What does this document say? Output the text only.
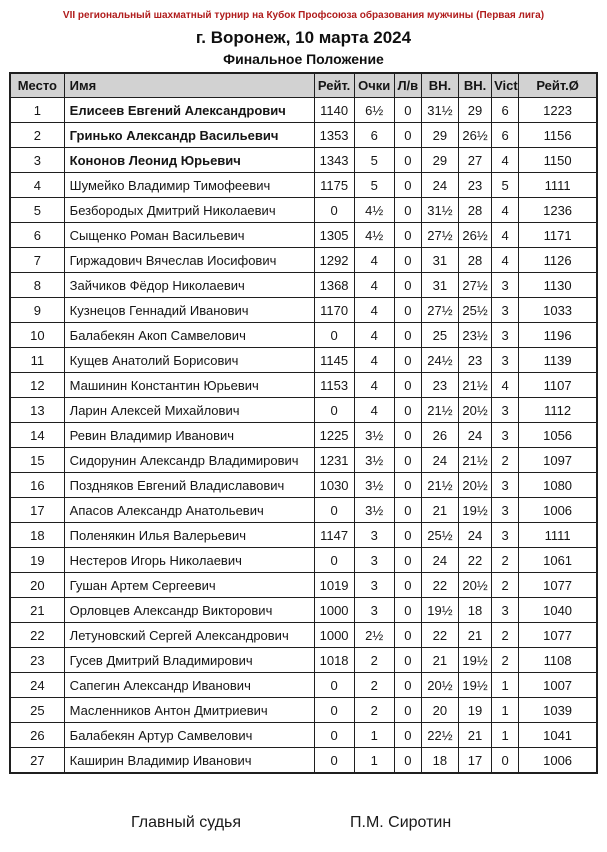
VII региональный шахматный турнир на Кубок Профсоюза образования мужчины (Первая лига)
г. Воронеж, 10 марта 2024
Финальное Положение
Место	Имя	Рейт.	Очки	Л/в	ВН.	ВН.	Vict	Рейт.Ø
1	Елисеев Евгений Александрович	1140	6½	0	31½	29	6	1223
2	Гринько Александр Васильевич	1353	6	0	29	26½	6	1156
3	Кононов Леонид Юрьевич	1343	5	0	29	27	4	1150
4	Шумейко Владимир Тимофеевич	1175	5	0	24	23	5	1111
5	Безбородых Дмитрий Николаевич	0	4½	0	31½	28	4	1236
6	Сыщенко Роман Васильевич	1305	4½	0	27½	26½	4	1171
7	Гиржадович Вячеслав Иосифович	1292	4	0	31	28	4	1126
8	Зайчиков Фёдор Николаевич	1368	4	0	31	27½	3	1130
9	Кузнецов Геннадий Иванович	1170	4	0	27½	25½	3	1033
10	Балабекян Акоп Самвелович	0	4	0	25	23½	3	1196
11	Кущев Анатолий Борисович	1145	4	0	24½	23	3	1139
12	Машинин Константин Юрьевич	1153	4	0	23	21½	4	1107
13	Ларин Алексей Михайлович	0	4	0	21½	20½	3	1112
14	Ревин Владимир Иванович	1225	3½	0	26	24	3	1056
15	Сидорунин Александр Владимирович	1231	3½	0	24	21½	2	1097
16	Поздняков Евгений Владиславович	1030	3½	0	21½	20½	3	1080
17	Апасов Александр Анатольевич	0	3½	0	21	19½	3	1006
18	Поленякин Илья Валерьевич	1147	3	0	25½	24	3	1111
19	Нестеров Игорь Николаевич	0	3	0	24	22	2	1061
20	Гушан Артем Сергеевич	1019	3	0	22	20½	2	1077
21	Орловцев Александр Викторович	1000	3	0	19½	18	3	1040
22	Летуновский Сергей Александрович	1000	2½	0	22	21	2	1077
23	Гусев Дмитрий Владимирович	1018	2	0	21	19½	2	1108
24	Сапегин Александр Иванович	0	2	0	20½	19½	1	1007
25	Масленников Антон Дмитриевич	0	2	0	20	19	1	1039
26	Балабекян Артур Самвелович	0	1	0	22½	21	1	1041
27	Каширин Владимир Иванович	0	1	0	18	17	0	1006
Главный судья	П.М. Сиротин
